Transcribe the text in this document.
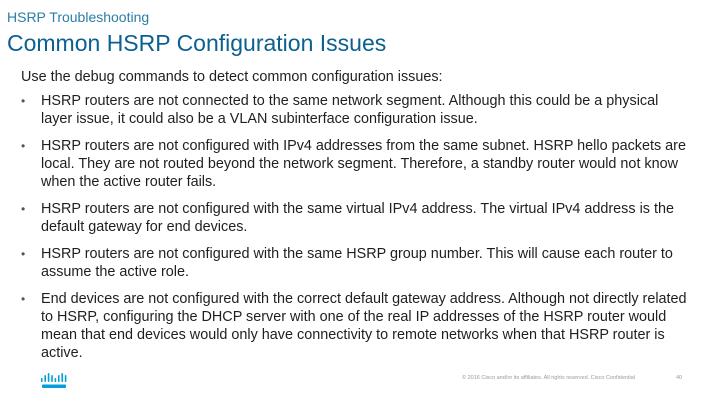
HSRP Troubleshooting
Common HSRP Configuration Issues

Use the debug commands to detect common configuration issues:

•	HSRP routers are not connected to the same network segment. Although this could be a physical layer issue, it could also be a VLAN subinterface configuration issue.
•	HSRP routers are not configured with IPv4 addresses from the same subnet. HSRP hello packets are local. They are not routed beyond the network segment. Therefore, a standby router would not know when the active router fails.
•	HSRP routers are not configured with the same virtual IPv4 address. The virtual IPv4 address is the default gateway for end devices.
•	HSRP routers are not configured with the same HSRP group number. This will cause each router to assume the active role.
•	End devices are not configured with the correct default gateway address. Although not directly related to HSRP, configuring the DHCP server with one of the real IP addresses of the HSRP router would mean that end devices would only have connectivity to remote networks when that HSRP router is active.
© 2016 Cisco and/or its affiliates. All rights reserved. Cisco Confidential	40
